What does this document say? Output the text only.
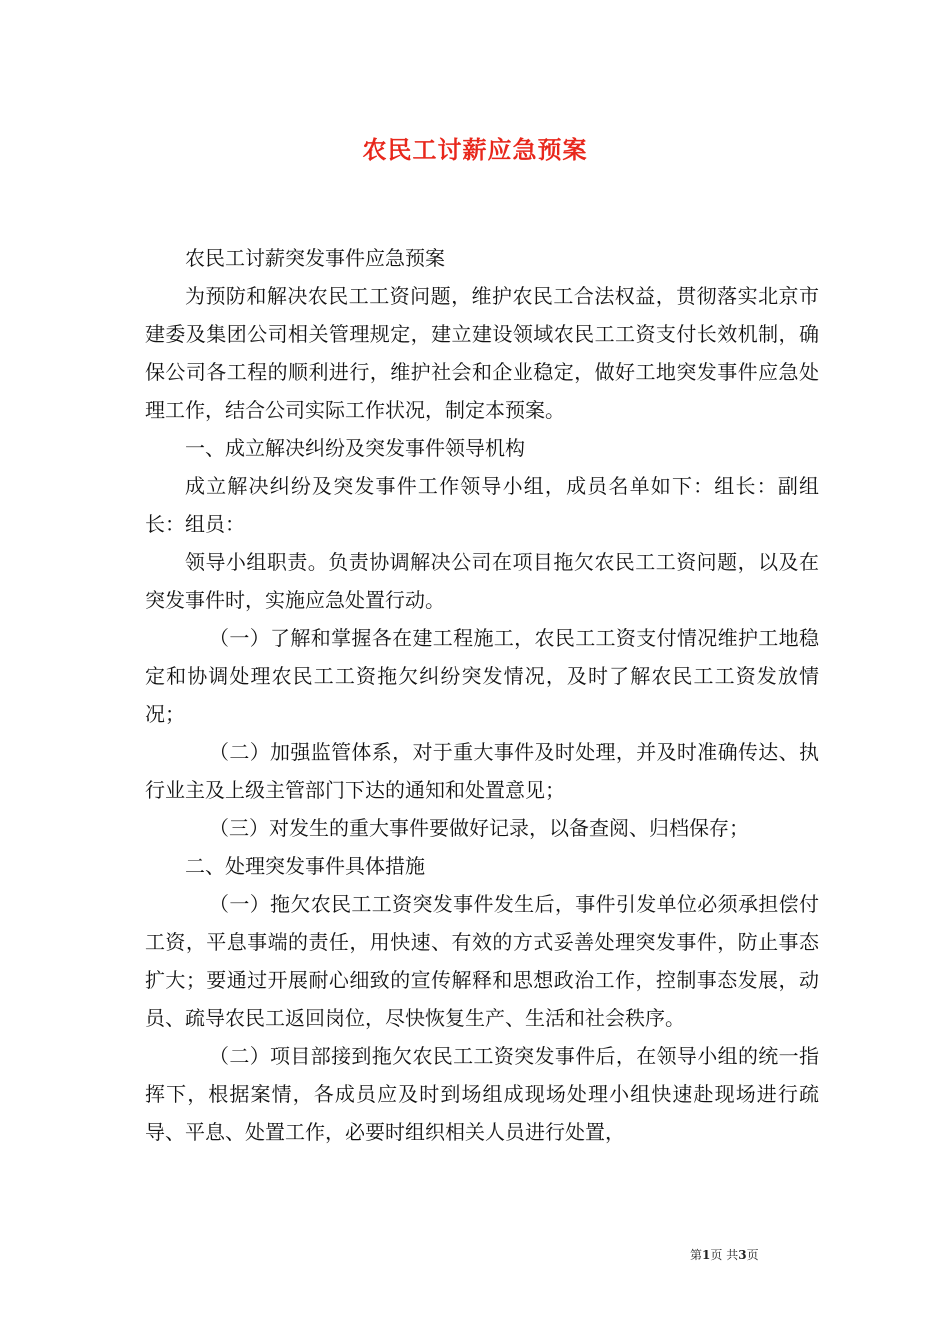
农民工讨薪应急预案

农民工讨薪突发事件应急预案

为预防和解决农民工工资问题，维护农民工合法权益，贯彻落实北京市建委及集团公司相关管理规定，建立建设领域农民工工资支付长效机制，确保公司各工程的顺利进行，维护社会和企业稳定，做好工地突发事件应急处理工作，结合公司实际工作状况，制定本预案。

一、成立解决纠纷及突发事件领导机构

成立解决纠纷及突发事件工作领导小组，成员名单如下：组长：副组长：组员：

领导小组职责。负责协调解决公司在项目拖欠农民工工资问题，以及在突发事件时，实施应急处置行动。

（一）了解和掌握各在建工程施工，农民工工资支付情况维护工地稳定和协调处理农民工工资拖欠纠纷突发情况，及时了解农民工工资发放情况；

（二）加强监管体系，对于重大事件及时处理，并及时准确传达、执行业主及上级主管部门下达的通知和处置意见；

（三）对发生的重大事件要做好记录，以备查阅、归档保存；

二、处理突发事件具体措施

（一）拖欠农民工工资突发事件发生后，事件引发单位必须承担偿付工资，平息事端的责任，用快速、有效的方式妥善处理突发事件，防止事态扩大；要通过开展耐心细致的宣传解释和思想政治工作，控制事态发展，动员、疏导农民工返回岗位，尽快恢复生产、生活和社会秩序。

（二）项目部接到拖欠农民工工资突发事件后，在领导小组的统一指挥下，根据案情，各成员应及时到场组成现场处理小组快速赴现场进行疏导、平息、处置工作，必要时组织相关人员进行处置，

第1页 共3页
